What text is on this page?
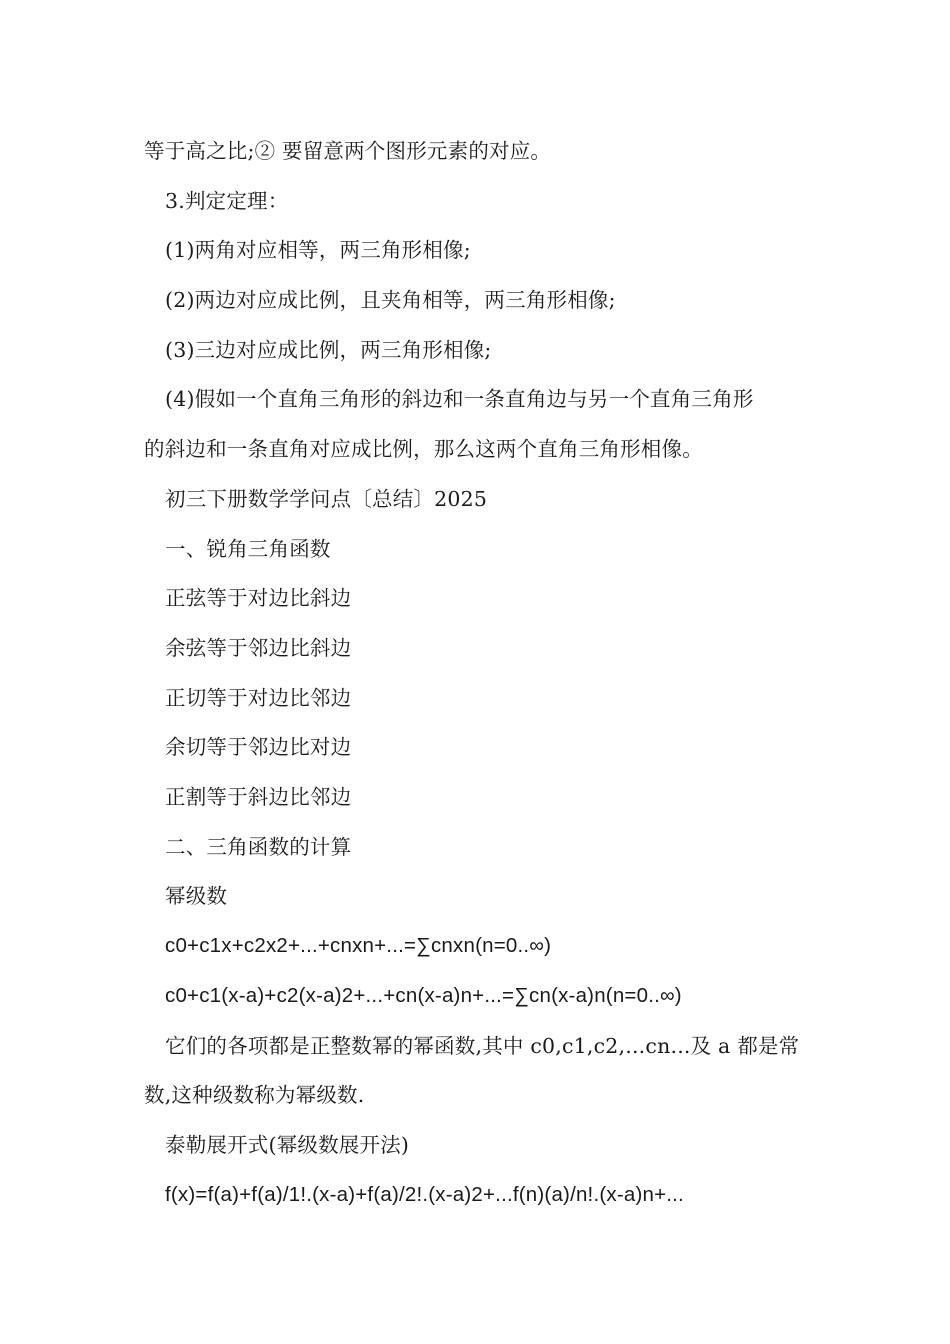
等于高之比;② 要留意两个图形元素的对应。
3.判定定理：
(1)两角对应相等，两三角形相像;
(2)两边对应成比例，且夹角相等，两三角形相像;
(3)三边对应成比例，两三角形相像;
(4)假如一个直角三角形的斜边和一条直角边与另一个直角三角形
的斜边和一条直角对应成比例，那么这两个直角三角形相像。
初三下册数学学问点〔总结〕2025
一、锐角三角函数
正弦等于对边比斜边
余弦等于邻边比斜边
正切等于对边比邻边
余切等于邻边比对边
正割等于斜边比邻边
二、三角函数的计算
幂级数
c0+c1x+c2x2+...+cnxn+...=∑cnxn(n=0..∞)
c0+c1(x-a)+c2(x-a)2+...+cn(x-a)n+...=∑cn(x-a)n(n=0..∞)
它们的各项都是正整数幂的幂函数,其中 c0,c1,c2,...cn...及 a 都是常
数,这种级数称为幂级数.
泰勒展开式(幂级数展开法)
f(x)=f(a)+f(a)/1!.(x-a)+f(a)/2!.(x-a)2+...f(n)(a)/n!.(x-a)n+...
